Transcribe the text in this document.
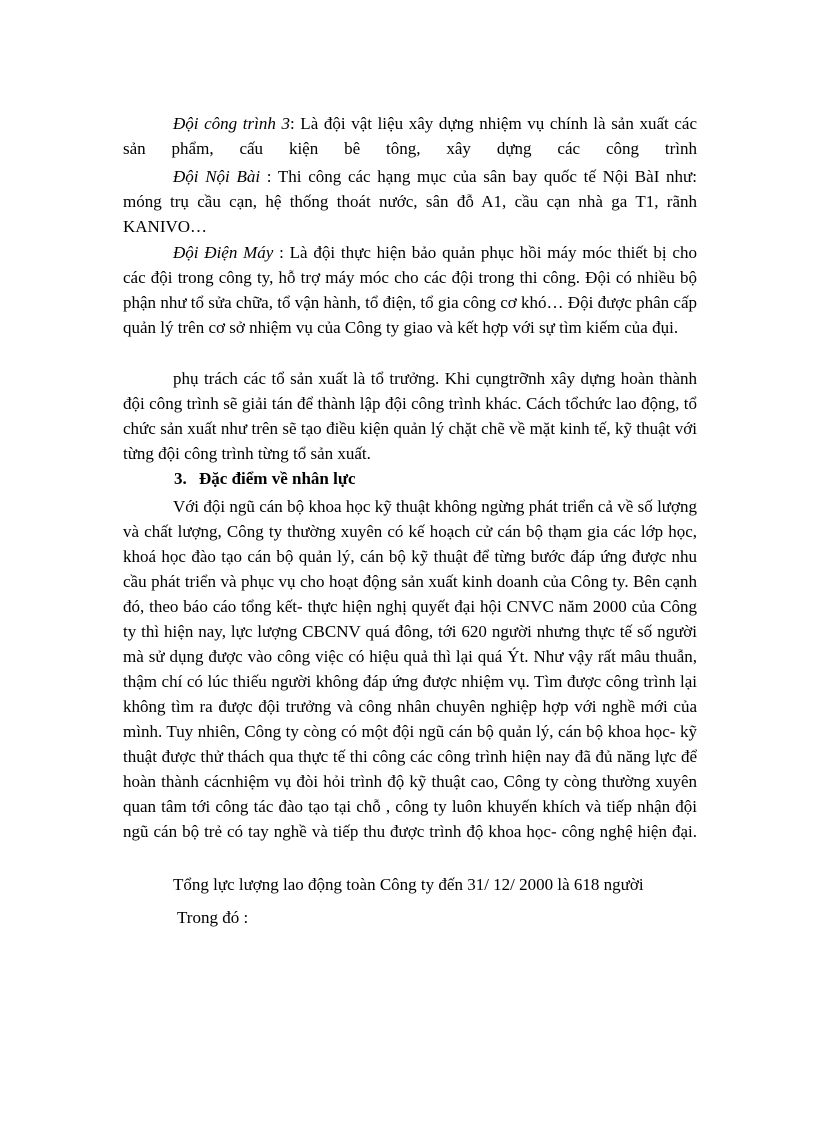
Đội công trình 3: Là đội vật liệu xây dựng nhiệm vụ chính là sản xuất các sản phẩm, cấu kiện bê tông, xây dựng các công trình

Đội Nội Bài : Thi công các hạng mục của sân bay quốc tế Nội BàI như: móng trụ cầu cạn, hệ thống thoát nước, sân đỗ A1, cầu cạn nhà ga T1, rãnh KANIVO…

Đội Điện Máy : Là đội thực hiện bảo quản phục hồi máy móc thiết bị cho các đội trong công ty, hỗ trợ máy móc cho các đội trong thi công. Đội có nhiều bộ phận như tổ sửa chữa, tổ vận hành, tổ điện, tổ gia công cơ khó… Đội được phân cấp quản lý trên cơ sở nhiệm vụ của Công ty giao và kết hợp với sự tìm kiếm của đụi.

phụ trách các tổ sản xuất là tổ trưởng. Khi cụngtrỡnh xây dựng hoàn thành đội công trình sẽ giải tán để thành lập đội công trình khác. Cách tổchức lao động, tổ chức sản xuất như trên sẽ tạo điều kiện quản lý chặt chẽ về mặt kinh tế, kỹ thuật với từng đội công trình từng tổ sản xuất.

3. Đặc điểm về nhân lực

Với đội ngũ cán bộ khoa học kỹ thuật không ngừng phát triển cả về số lượng và chất lượng, Công ty thường xuyên có kế hoạch cử cán bộ thạm gia các lớp học, khoá học đào tạo cán bộ quản lý, cán bộ kỹ thuật để từng bước đáp ứng được nhu cầu phát triển và phục vụ cho hoạt động sản xuất kinh doanh của Công ty. Bên cạnh đó, theo báo cáo tổng kết- thực hiện nghị quyết đại hội CNVC năm 2000 của Công ty thì hiện nay, lực lượng CBCNV quá đông, tới 620 người nhưng thực tế số người mà sử dụng được vào công việc có hiệu quả thì lại quá Ýt. Như vậy rất mâu thuẫn, thậm chí có lúc thiếu người không đáp ứng được nhiệm vụ. Tìm được công trình lại không tìm ra được đội trưởng và công nhân chuyên nghiệp hợp với nghề mới của mình. Tuy nhiên, Công ty còng có một đội ngũ cán bộ quản lý, cán bộ khoa học- kỹ thuật được thử thách qua thực tế thi công các công trình hiện nay đã đủ năng lực để hoàn thành cácnhiệm vụ đòi hỏi trình độ kỹ thuật cao, Công ty còng thường xuyên quan tâm tới công tác đào tạo tại chỗ , công ty luôn khuyến khích và tiếp nhận đội ngũ cán bộ trẻ có tay nghề và tiếp thu được trình độ khoa học- công nghệ hiện đại.

Tổng lực lượng lao động toàn Công ty đến 31/ 12/ 2000 là 618 người

Trong đó :
